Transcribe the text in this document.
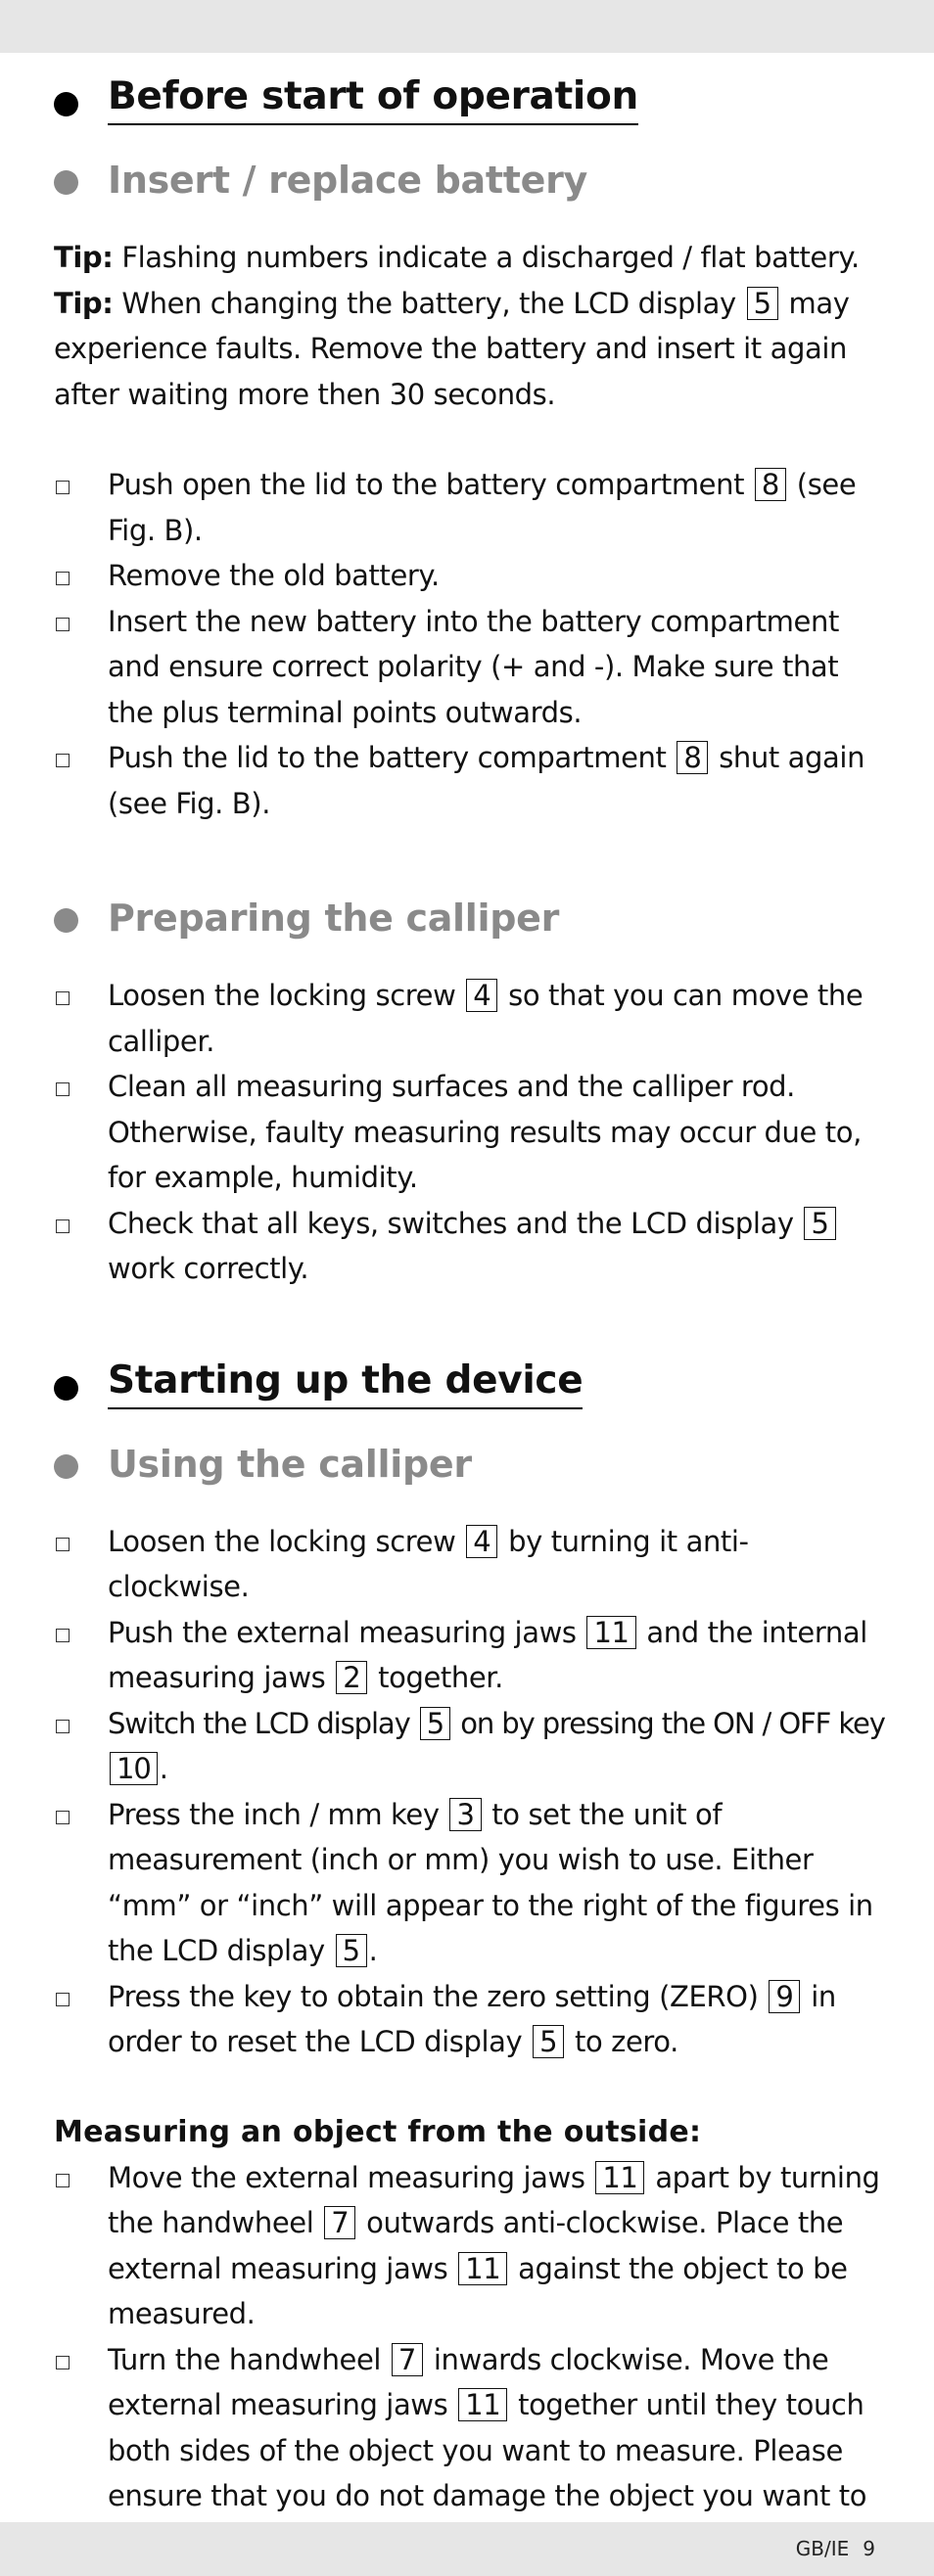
Before start of operation
Insert / replace battery

Tip: Flashing numbers indicate a discharged / flat battery.

Tip: When changing the battery, the LCD display 5 may experience faults. Remove the battery and insert it again after waiting more then 30 seconds.

Push open the lid to the battery compartment 8 (see Fig. B).
Remove the old battery.
Insert the new battery into the battery compartment and ensure correct polarity (+ and -). Make sure that the plus terminal points outwards.
Push the lid to the battery compartment 8 shut again (see Fig. B).
Preparing the calliper
Loosen the locking screw 4 so that you can move the calliper.
Clean all measuring surfaces and the calliper rod. Otherwise, faulty measuring results may occur due to, for example, humidity.
Check that all keys, switches and the LCD display 5 work correctly.
Starting up the device
Using the calliper
Loosen the locking screw 4 by turning it anti-clockwise.
Push the external measuring jaws 11 and the internal measuring jaws 2 together.
Switch the LCD display 5 on by pressing the ON / OFF key 10 .
Press the inch / mm key 3 to set the unit of measurement (inch or mm) you wish to use. Either “mm” or “inch” will appear to the right of the figures in the LCD display 5 .
Press the key to obtain the zero setting (ZERO) 9 in order to reset the LCD display 5 to zero.

Measuring an object from the outside:

Move the external measuring jaws 11 apart by turning the handwheel 7 outwards anti-clockwise. Place the external measuring jaws 11 against the object to be measured.
Turn the handwheel 7 inwards clockwise. Move the external measuring jaws 11 together until they touch both sides of the object you want to measure. Please ensure that you do not damage the object you want to
GB/IE 9
